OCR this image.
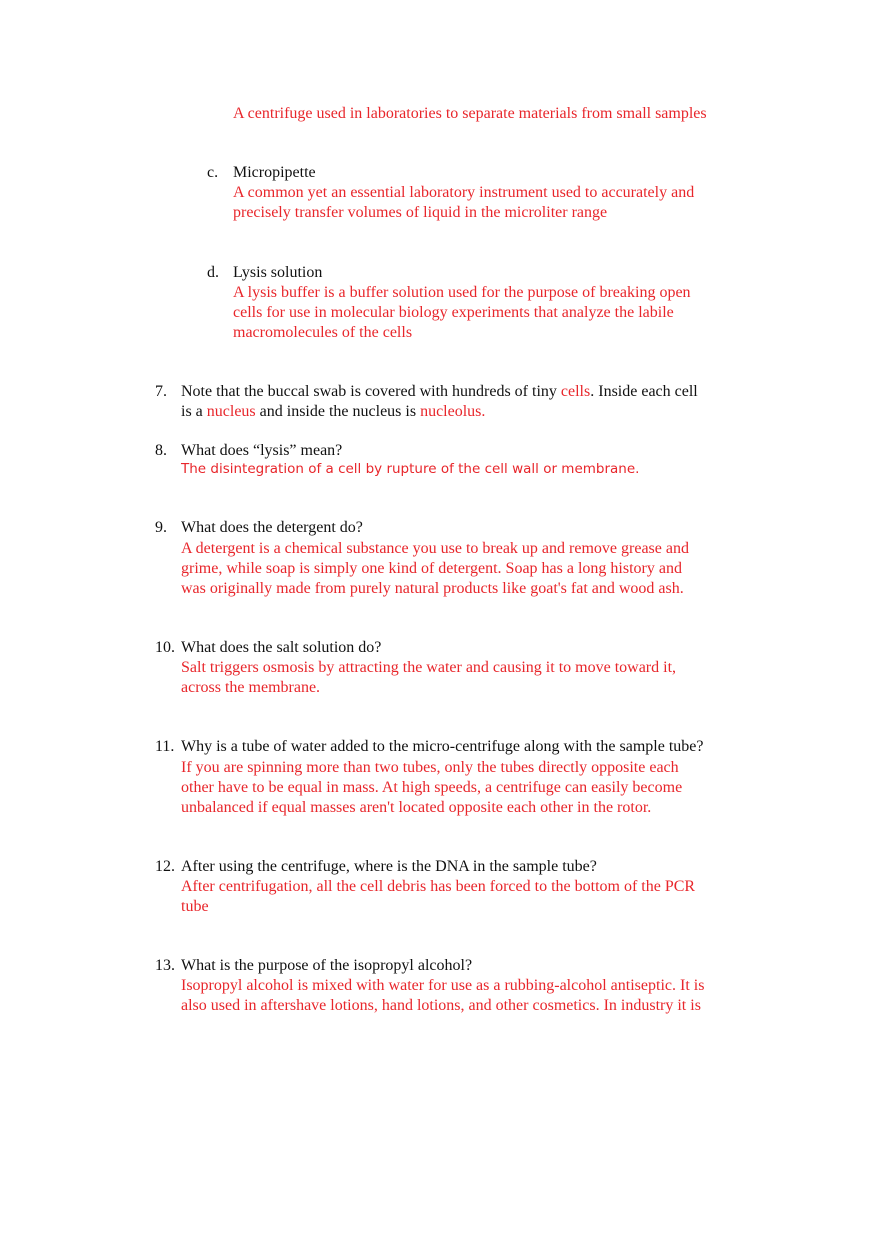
A centrifuge used in laboratories to separate materials from small samples
c. Micropipette
A common yet an essential laboratory instrument used to accurately and
precisely transfer volumes of liquid in the microliter range
d. Lysis solution
A lysis buffer is a buffer solution used for the purpose of breaking open
cells for use in molecular biology experiments that analyze the labile
macromolecules of the cells
7. Note that the buccal swab is covered with hundreds of tiny cells. Inside each cell
is a nucleus and inside the nucleus is nucleolus.
8. What does “lysis” mean?
The disintegration of a cell by rupture of the cell wall or membrane.
9. What does the detergent do?
A detergent is a chemical substance you use to break up and remove grease and
grime, while soap is simply one kind of detergent. Soap has a long history and
was originally made from purely natural products like goat's fat and wood ash.
10. What does the salt solution do?
Salt triggers osmosis by attracting the water and causing it to move toward it,
across the membrane.
11. Why is a tube of water added to the micro-centrifuge along with the sample tube?
If you are spinning more than two tubes, only the tubes directly opposite each
other have to be equal in mass. At high speeds, a centrifuge can easily become
unbalanced if equal masses aren't located opposite each other in the rotor.
12. After using the centrifuge, where is the DNA in the sample tube?
After centrifugation, all the cell debris has been forced to the bottom of the PCR
tube
13. What is the purpose of the isopropyl alcohol?
Isopropyl alcohol is mixed with water for use as a rubbing-alcohol antiseptic. It is
also used in aftershave lotions, hand lotions, and other cosmetics. In industry it is
